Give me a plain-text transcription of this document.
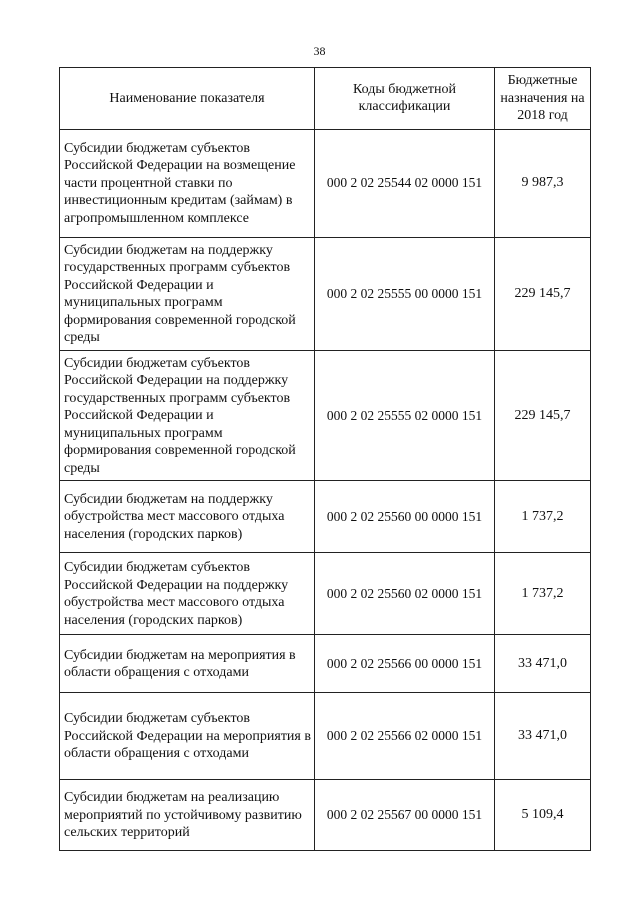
38
Наименование показателя	Коды бюджетной классификации	Бюджетные назначения на 2018 год
Субсидии бюджетам субъектов Российской Федерации на возмещение части процентной ставки по инвестиционным кредитам (займам) в агропромышленном комплексе	000 2 02 25544 02 0000 151	9 987,3
Субсидии бюджетам на поддержку государственных программ субъектов Российской Федерации и муниципальных программ формирования современной городской среды	000 2 02 25555 00 0000 151	229 145,7
Субсидии бюджетам субъектов Российской Федерации на поддержку государственных программ субъектов Российской Федерации и муниципальных программ формирования современной городской среды	000 2 02 25555 02 0000 151	229 145,7
Субсидии бюджетам на поддержку обустройства мест массового отдыха населения (городских парков)	000 2 02 25560 00 0000 151	1 737,2
Субсидии бюджетам субъектов Российской Федерации на поддержку обустройства мест массового отдыха населения (городских парков)	000 2 02 25560 02 0000 151	1 737,2
Субсидии бюджетам на мероприятия в области обращения с отходами	000 2 02 25566 00 0000 151	33 471,0
Субсидии бюджетам субъектов Российской Федерации на мероприятия в области обращения с отходами	000 2 02 25566 02 0000 151	33 471,0
Субсидии бюджетам на реализацию мероприятий по устойчивому развитию сельских территорий	000 2 02 25567 00 0000 151	5 109,4
